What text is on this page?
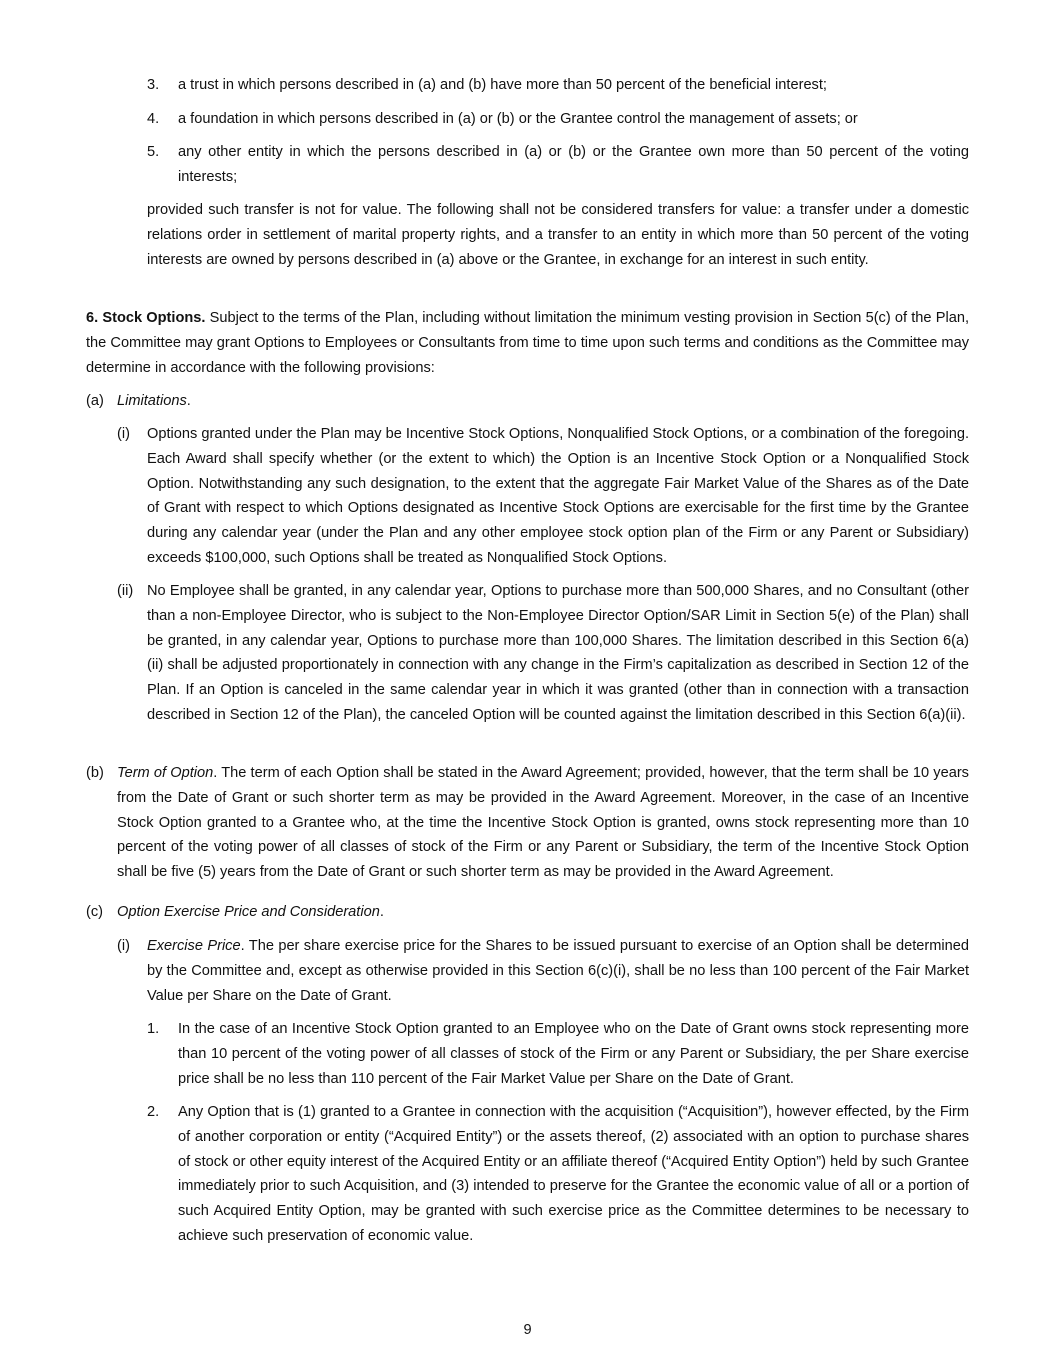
3. a trust in which persons described in (a) and (b) have more than 50 percent of the beneficial interest;

4. a foundation in which persons described in (a) or (b) or the Grantee control the management of assets; or

5. any other entity in which the persons described in (a) or (b) or the Grantee own more than 50 percent of the voting interests;

provided such transfer is not for value. The following shall not be considered transfers for value: a transfer under a domestic relations order in settlement of marital property rights, and a transfer to an entity in which more than 50 percent of the voting interests are owned by persons described in (a) above or the Grantee, in exchange for an interest in such entity.

6. Stock Options. Subject to the terms of the Plan, including without limitation the minimum vesting provision in Section 5(c) of the Plan, the Committee may grant Options to Employees or Consultants from time to time upon such terms and conditions as the Committee may determine in accordance with the following provisions:

(a) Limitations.

(i) Options granted under the Plan may be Incentive Stock Options, Nonqualified Stock Options, or a combination of the foregoing. Each Award shall specify whether (or the extent to which) the Option is an Incentive Stock Option or a Nonqualified Stock Option. Notwithstanding any such designation, to the extent that the aggregate Fair Market Value of the Shares as of the Date of Grant with respect to which Options designated as Incentive Stock Options are exercisable for the first time by the Grantee during any calendar year (under the Plan and any other employee stock option plan of the Firm or any Parent or Subsidiary) exceeds $100,000, such Options shall be treated as Nonqualified Stock Options.

(ii) No Employee shall be granted, in any calendar year, Options to purchase more than 500,000 Shares, and no Consultant (other than a non-Employee Director, who is subject to the Non-Employee Director Option/SAR Limit in Section 5(e) of the Plan) shall be granted, in any calendar year, Options to purchase more than 100,000 Shares. The limitation described in this Section 6(a)(ii) shall be adjusted proportionately in connection with any change in the Firm’s capitalization as described in Section 12 of the Plan. If an Option is canceled in the same calendar year in which it was granted (other than in connection with a transaction described in Section 12 of the Plan), the canceled Option will be counted against the limitation described in this Section 6(a)(ii).

(b) Term of Option. The term of each Option shall be stated in the Award Agreement; provided, however, that the term shall be 10 years from the Date of Grant or such shorter term as may be provided in the Award Agreement. Moreover, in the case of an Incentive Stock Option granted to a Grantee who, at the time the Incentive Stock Option is granted, owns stock representing more than 10 percent of the voting power of all classes of stock of the Firm or any Parent or Subsidiary, the term of the Incentive Stock Option shall be five (5) years from the Date of Grant or such shorter term as may be provided in the Award Agreement.

(c) Option Exercise Price and Consideration.

(i) Exercise Price. The per share exercise price for the Shares to be issued pursuant to exercise of an Option shall be determined by the Committee and, except as otherwise provided in this Section 6(c)(i), shall be no less than 100 percent of the Fair Market Value per Share on the Date of Grant.

1. In the case of an Incentive Stock Option granted to an Employee who on the Date of Grant owns stock representing more than 10 percent of the voting power of all classes of stock of the Firm or any Parent or Subsidiary, the per Share exercise price shall be no less than 110 percent of the Fair Market Value per Share on the Date of Grant.

2. Any Option that is (1) granted to a Grantee in connection with the acquisition (“Acquisition”), however effected, by the Firm of another corporation or entity (“Acquired Entity”) or the assets thereof, (2) associated with an option to purchase shares of stock or other equity interest of the Acquired Entity or an affiliate thereof (“Acquired Entity Option”) held by such Grantee immediately prior to such Acquisition, and (3) intended to preserve for the Grantee the economic value of all or a portion of such Acquired Entity Option, may be granted with such exercise price as the Committee determines to be necessary to achieve such preservation of economic value.

9
